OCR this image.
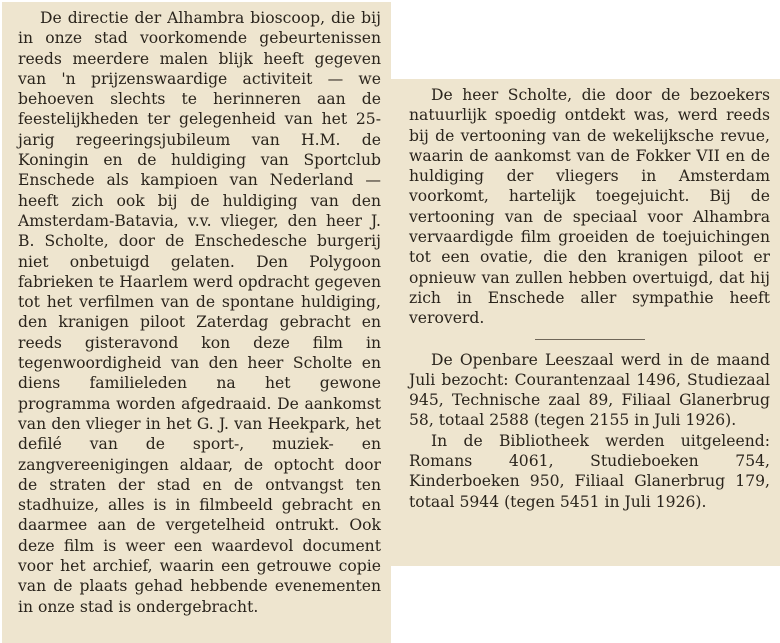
De directie der Alhambra bioscoop, die bij in onze stad voorkomende gebeurtenissen reeds meerdere malen blijk heeft gegeven van 'n prijzenswaardige activiteit — we behoeven slechts te herinneren aan de feestelijkheden ter gelegenheid van het 25-jarig regeeringsjubileum van H.M. de Koningin en de huldiging van Sportclub Enschede als kampioen van Nederland — heeft zich ook bij de huldiging van den Amsterdam-Batavia, v.v. vlieger, den heer J. B. Scholte, door de Enschedesche burgerij niet onbetuigd gelaten. Den Polygoon fabrieken te Haarlem werd opdracht gegeven tot het verfilmen van de spontane huldiging, den kranigen piloot Zaterdag gebracht en reeds gisteravond kon deze film in tegenwoordigheid van den heer Scholte en diens familieleden na het gewone programma worden afgedraaid. De aankomst van den vlieger in het G. J. van Heekpark, het defilé van de sport-, muziek- en zangvereenigingen aldaar, de optocht door de straten der stad en de ontvangst ten stadhuize, alles is in filmbeeld gebracht en daarmee aan de vergetelheid ontrukt. Ook deze film is weer een waardevol document voor het archief, waarin een getrouwe copie van de plaats gehad hebbende evenementen in onze stad is ondergebracht.

De heer Scholte, die door de bezoekers natuurlijk spoedig ontdekt was, werd reeds bij de vertooning van de wekelijksche revue, waarin de aankomst van de Fokker VII en de huldiging der vliegers in Amsterdam voorkomt, hartelijk toegejuicht. Bij de vertooning van de speciaal voor Alhambra vervaardigde film groeiden de toejuichingen tot een ovatie, die den kranigen piloot er opnieuw van zullen hebben overtuigd, dat hij zich in Enschede aller sympathie heeft veroverd.

De Openbare Leeszaal werd in de maand Juli bezocht: Courantenzaal 1496, Studiezaal 945, Technische zaal 89, Filiaal Glanerbrug 58, totaal 2588 (tegen 2155 in Juli 1926).

In de Bibliotheek werden uitgeleend: Romans 4061, Studieboeken 754, Kinderboeken 950, Filiaal Glanerbrug 179, totaal 5944 (tegen 5451 in Juli 1926).
